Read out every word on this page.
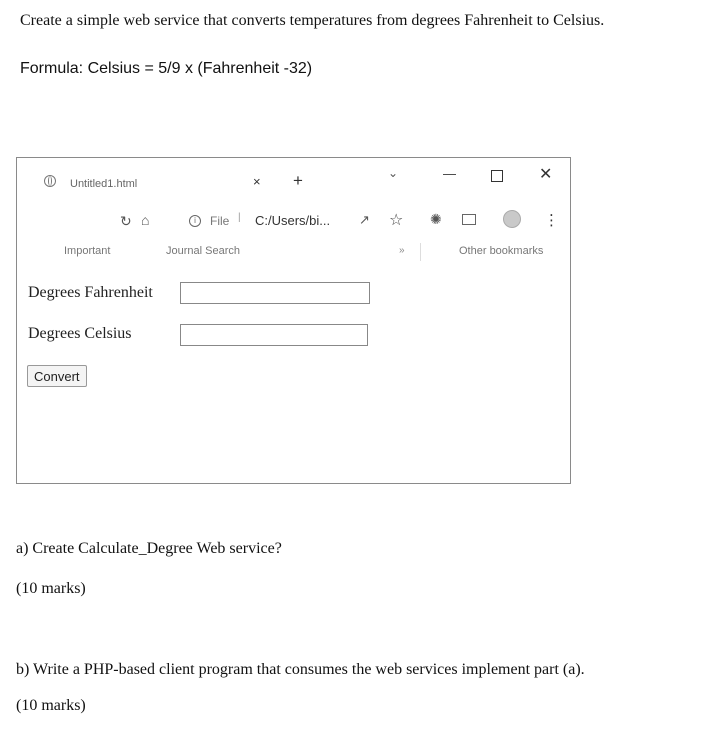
Create a simple web service that converts temperatures from degrees Fahrenheit to Celsius.
Formula: Celsius = 5/9 x (Fahrenheit -32)
Untitled1.html	× +	⌄	—	✕
↻ ⌂	i	File | C:/Users/bi... ↗ ☆ ✺	⋮
Important	Journal Search	»	Other bookmarks
Degrees Fahrenheit
Degrees Celsius
Convert
a) Create Calculate_Degree Web service?
(10 marks)
b) Write a PHP-based client program that consumes the web services implement part (a).
(10 marks)
